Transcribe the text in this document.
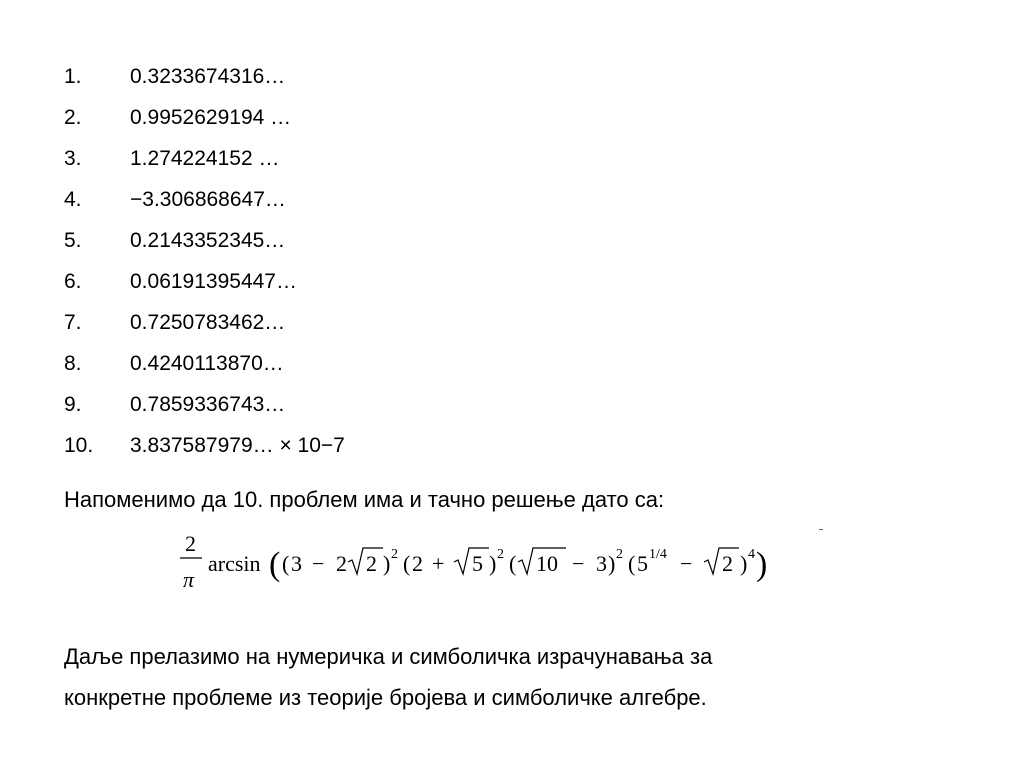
1.	0.3233674316…
2.	0.9952629194 …
3.	1.274224152 …
4.	−3.306868647…
5.	0.2143352345…
6.	0.06191395447…
7.	0.7250783462…
8.	0.4240113870…
9.	0.7859336743…
10.	3.837587979… × 10−7

Напоменимо да 10. проблем има и тачно решење дато са:

2
π
arcsin ( ( 3 − 2 2 ) 2 ( 2 + 5 ) 2 ( 10 − 3 ) 2 ( 5 1/4 − 2 ) 4 )

Даље прелазимо на нумеричка и симболичка израчунавања за
конкретне проблеме из теорије бројева и симболичке алгебре.
